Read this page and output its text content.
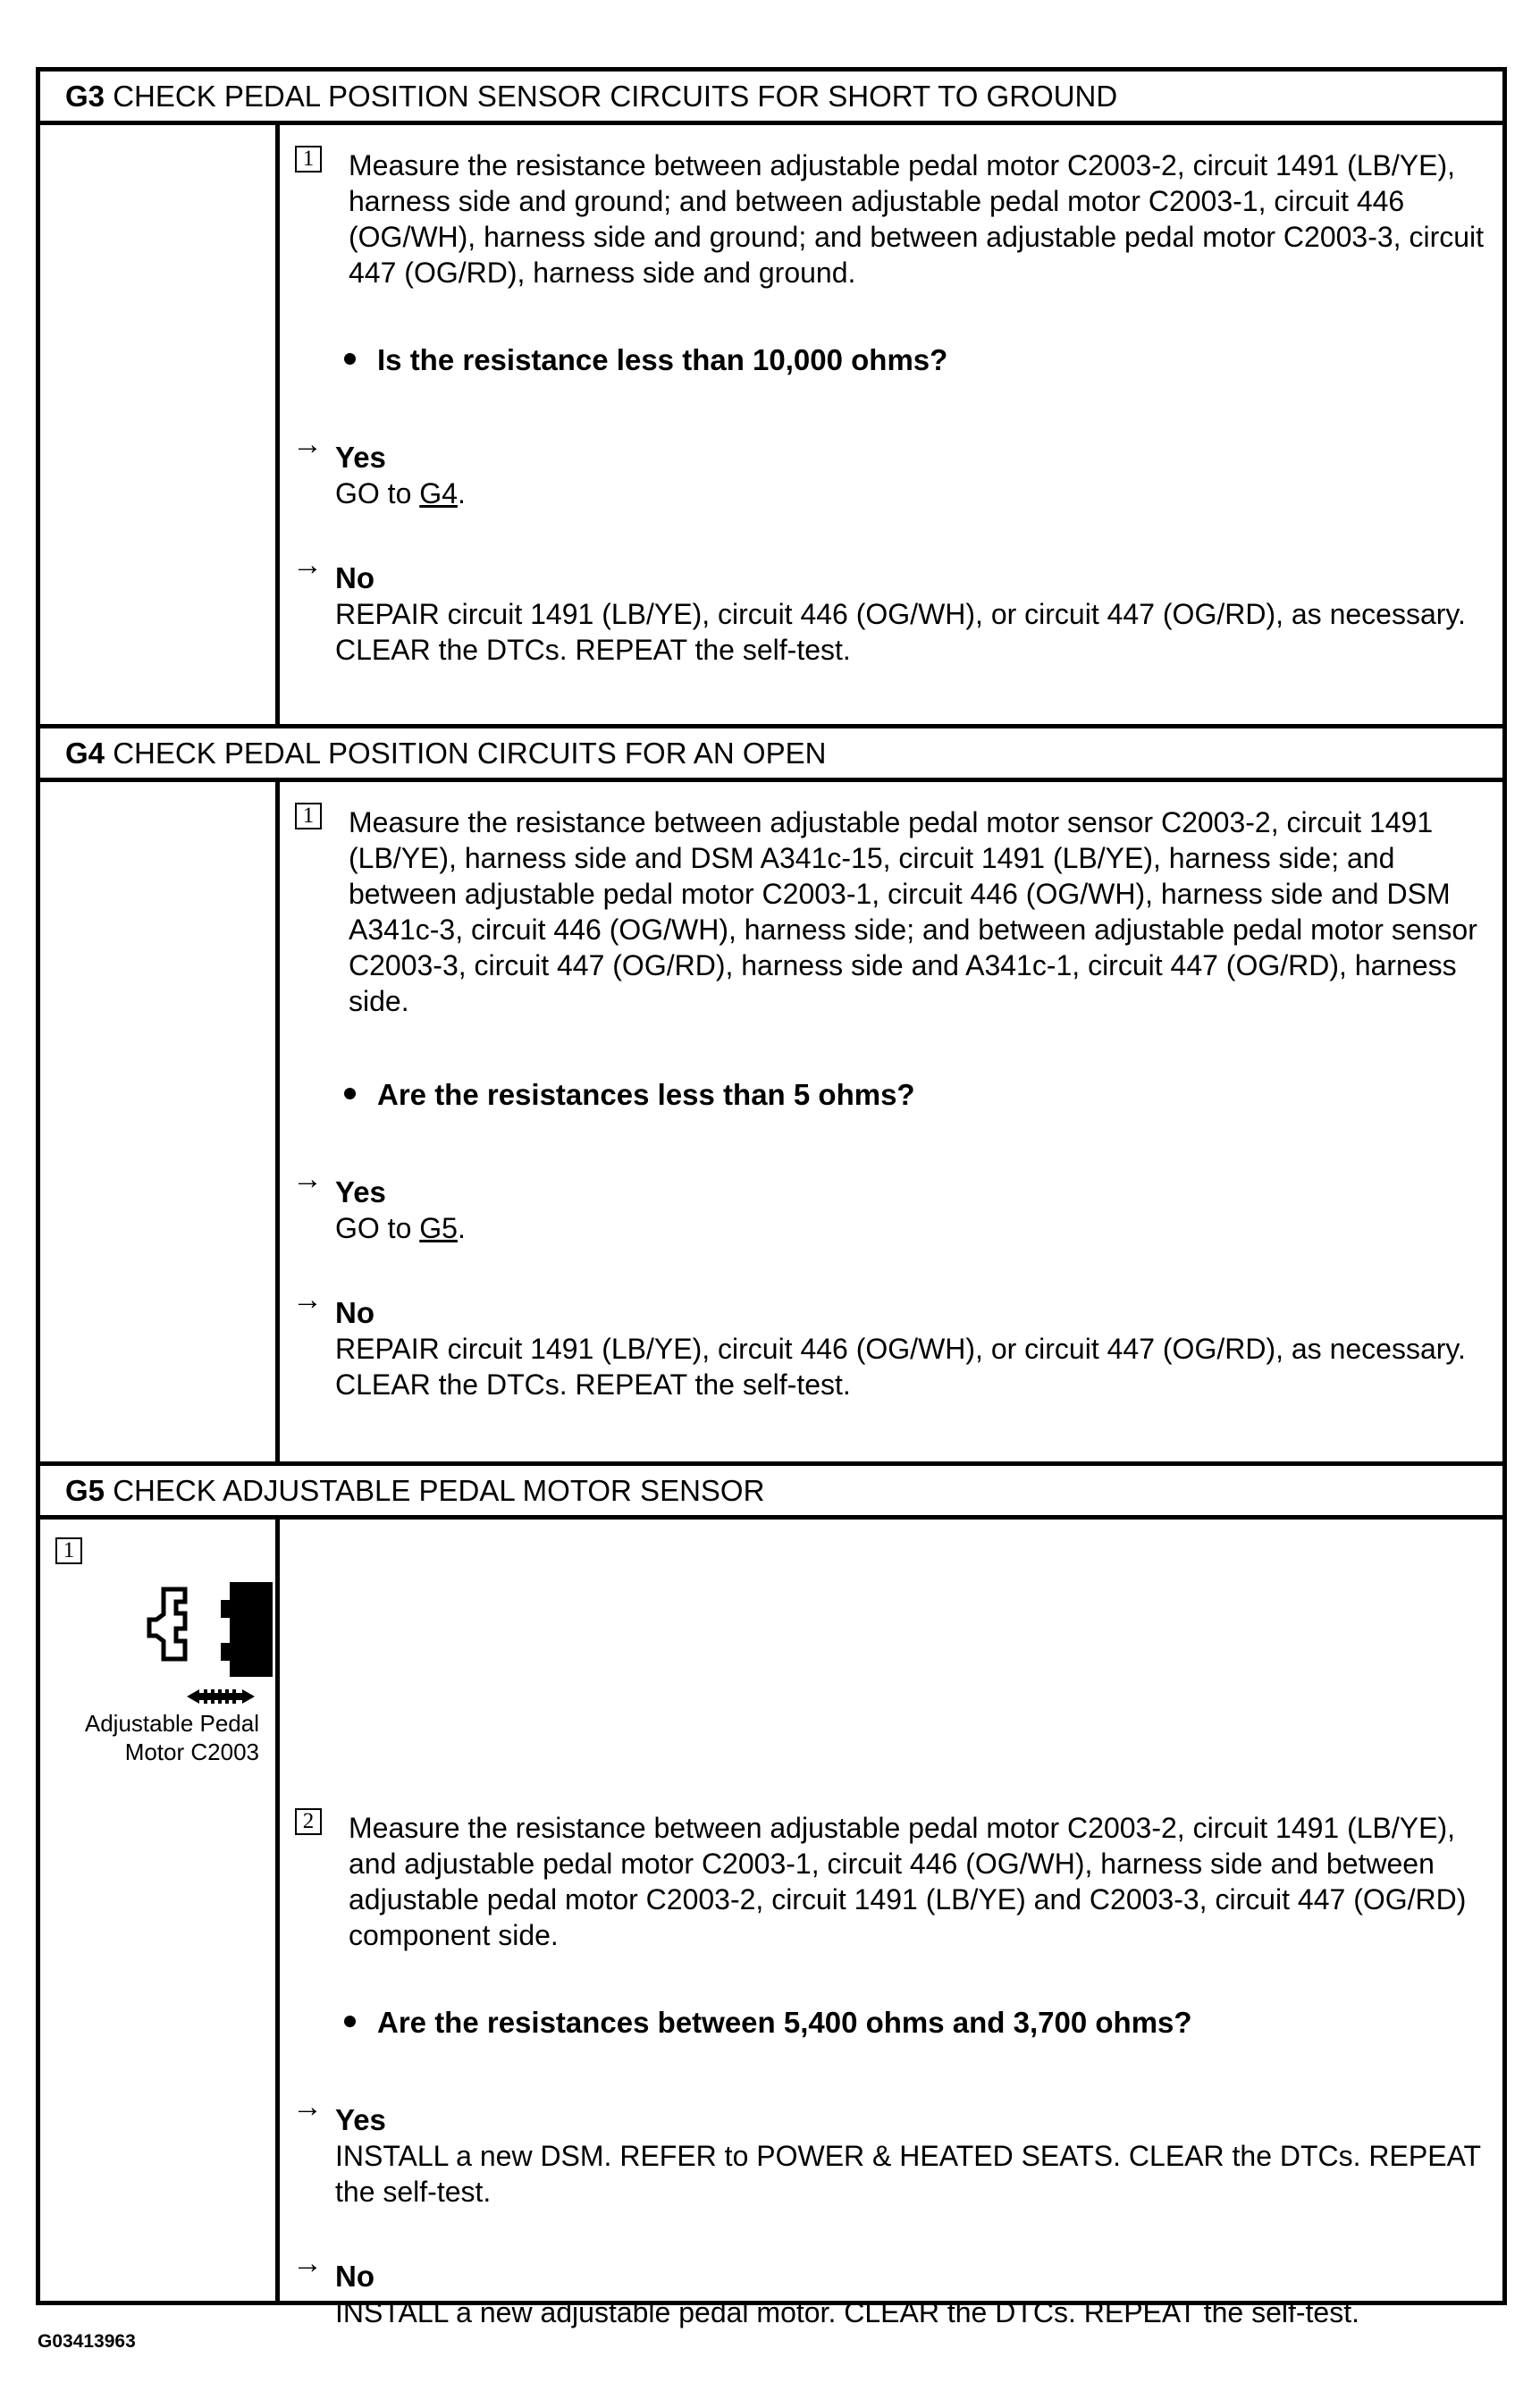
G3 CHECK PEDAL POSITION SENSOR CIRCUITS FOR SHORT TO GROUND
1 Measure the resistance between adjustable pedal motor C2003-2, circuit 1491 (LB/YE), harness side and ground; and between adjustable pedal motor C2003-1, circuit 446 (OG/WH), harness side and ground; and between adjustable pedal motor C2003-3, circuit 447 (OG/RD), harness side and ground.
Is the resistance less than 10,000 ohms?
→ Yes
GO to G4.
→ No
REPAIR circuit 1491 (LB/YE), circuit 446 (OG/WH), or circuit 447 (OG/RD), as necessary. CLEAR the DTCs. REPEAT the self-test.
G4 CHECK PEDAL POSITION CIRCUITS FOR AN OPEN
1 Measure the resistance between adjustable pedal motor sensor C2003-2, circuit 1491 (LB/YE), harness side and DSM A341c-15, circuit 1491 (LB/YE), harness side; and between adjustable pedal motor C2003-1, circuit 446 (OG/WH), harness side and DSM A341c-3, circuit 446 (OG/WH), harness side; and between adjustable pedal motor sensor C2003-3, circuit 447 (OG/RD), harness side and A341c-1, circuit 447 (OG/RD), harness side.
Are the resistances less than 5 ohms?
→ Yes
GO to G5.
→ No
REPAIR circuit 1491 (LB/YE), circuit 446 (OG/WH), or circuit 447 (OG/RD), as necessary. CLEAR the DTCs. REPEAT the self-test.
G5 CHECK ADJUSTABLE PEDAL MOTOR SENSOR
1
Adjustable Pedal
Motor C2003
2 Measure the resistance between adjustable pedal motor C2003-2, circuit 1491 (LB/YE), and adjustable pedal motor C2003-1, circuit 446 (OG/WH), harness side and between adjustable pedal motor C2003-2, circuit 1491 (LB/YE) and C2003-3, circuit 447 (OG/RD) component side.
Are the resistances between 5,400 ohms and 3,700 ohms?
→ Yes
INSTALL a new DSM. REFER to POWER & HEATED SEATS. CLEAR the DTCs. REPEAT the self-test.
→ No
INSTALL a new adjustable pedal motor. CLEAR the DTCs. REPEAT the self-test.
G03413963
